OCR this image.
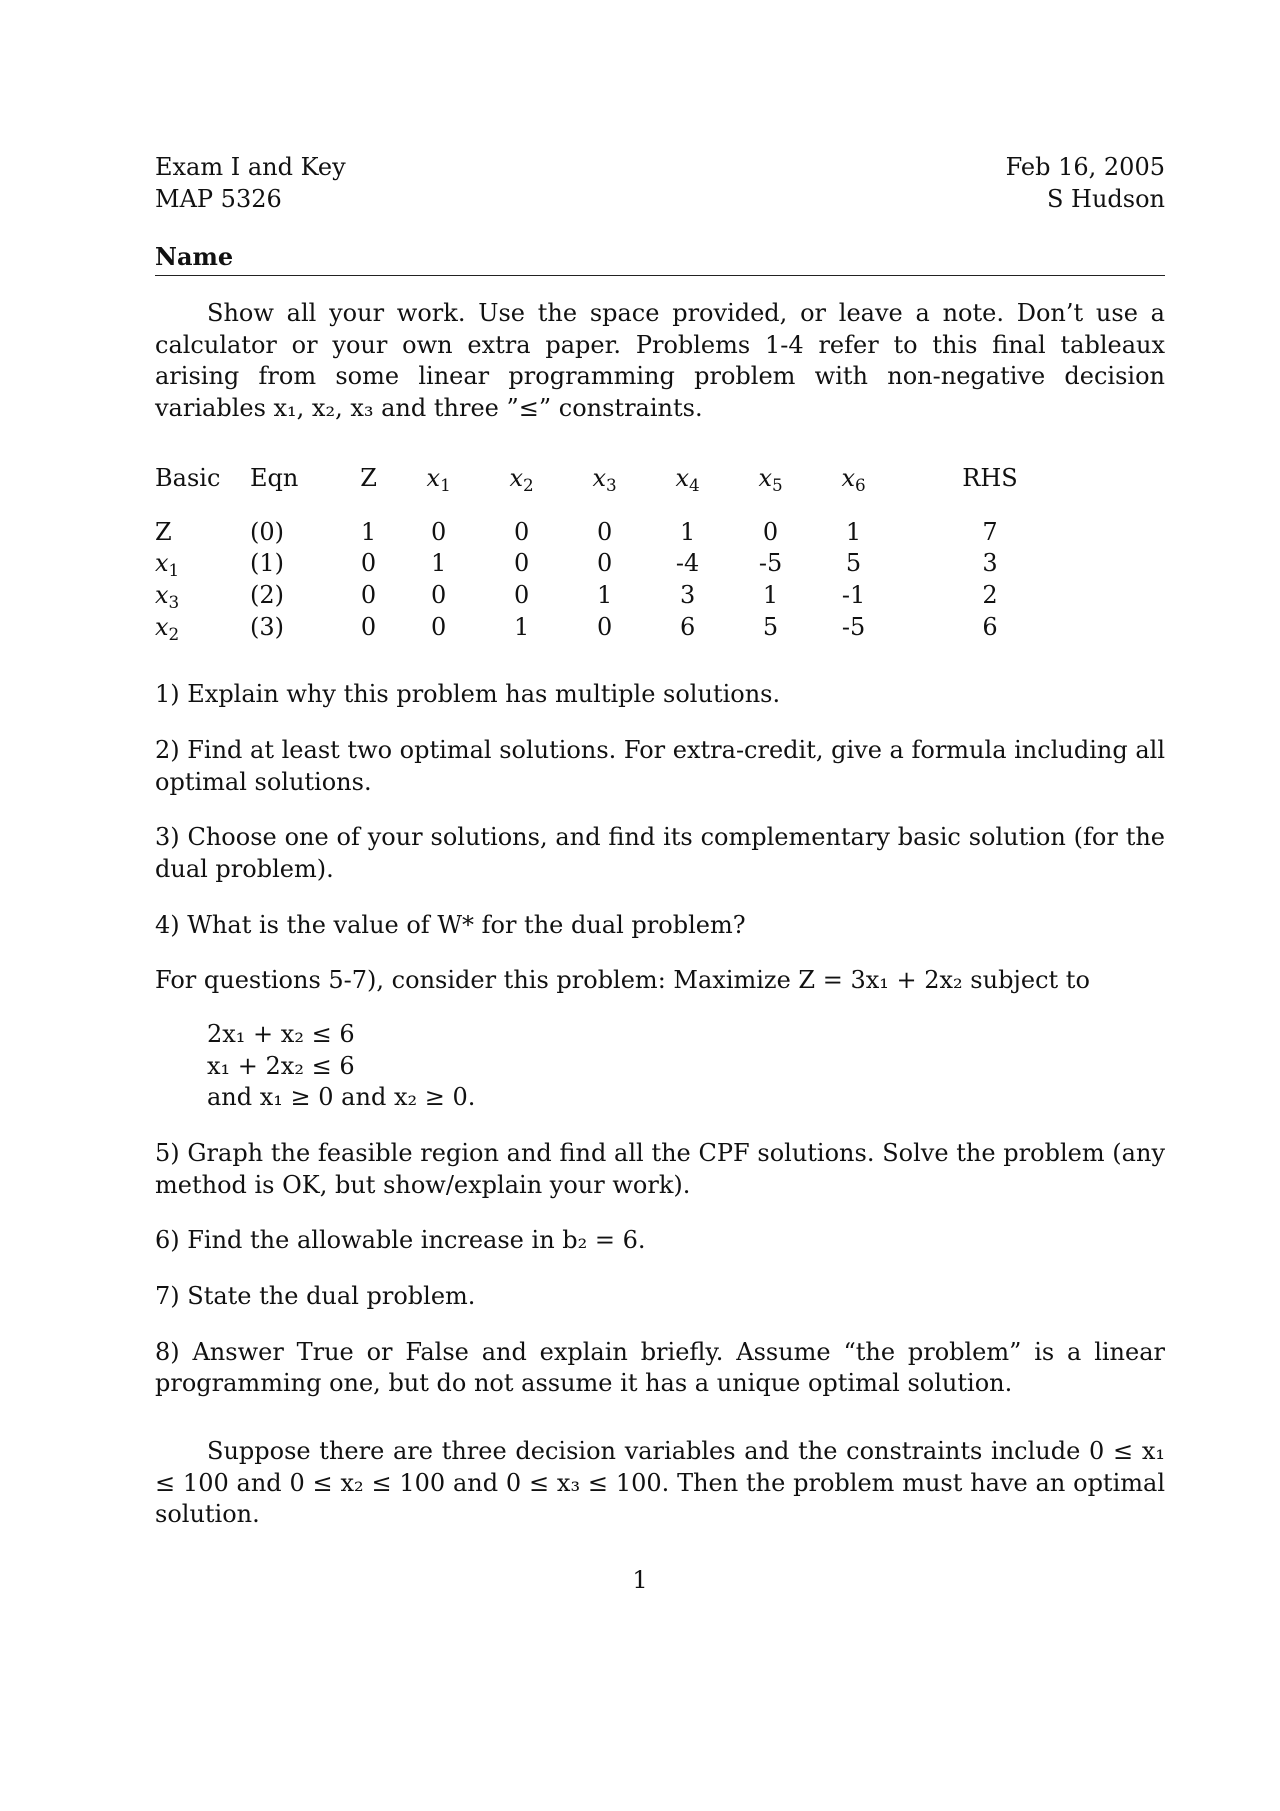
Exam I and Key
MAP 5326
Feb 16, 2005
S Hudson
Name

Show all your work. Use the space provided, or leave a note. Don’t use a calculator or your own extra paper. Problems 1-4 refer to this final tableaux arising from some linear programming problem with non-negative decision variables x₁, x₂, x₃ and three ”≤” constraints.

Basic	Eqn	Z	$x_1$	$x_2$	$x_3$	$x_4$	$x_5$	$x_6$	RHS

Z	(0)	1	0	0	0	1	0	1	7
$x_1$	(1)	0	1	0	0	-4	-5	5	3
$x_3$	(2)	0	0	0	1	3	1	-1	2
$x_2$	(3)	0	0	1	0	6	5	-5	6
1) Explain why this problem has multiple solutions.
2) Find at least two optimal solutions. For extra-credit, give a formula including all optimal solutions.
3) Choose one of your solutions, and find its complementary basic solution (for the dual problem).
4) What is the value of W* for the dual problem?
For questions 5-7), consider this problem: Maximize Z = 3x₁ + 2x₂ subject to
2x₁ + x₂ ≤ 6
x₁ + 2x₂ ≤ 6
and x₁ ≥ 0 and x₂ ≥ 0.
5) Graph the feasible region and find all the CPF solutions. Solve the problem (any method is OK, but show/explain your work).
6) Find the allowable increase in b₂ = 6.
7) State the dual problem.
8) Answer True or False and explain briefly. Assume “the problem” is a linear programming one, but do not assume it has a unique optimal solution.
Suppose there are three decision variables and the constraints include 0 ≤ x₁ ≤ 100 and 0 ≤ x₂ ≤ 100 and 0 ≤ x₃ ≤ 100. Then the problem must have an optimal solution.
1
